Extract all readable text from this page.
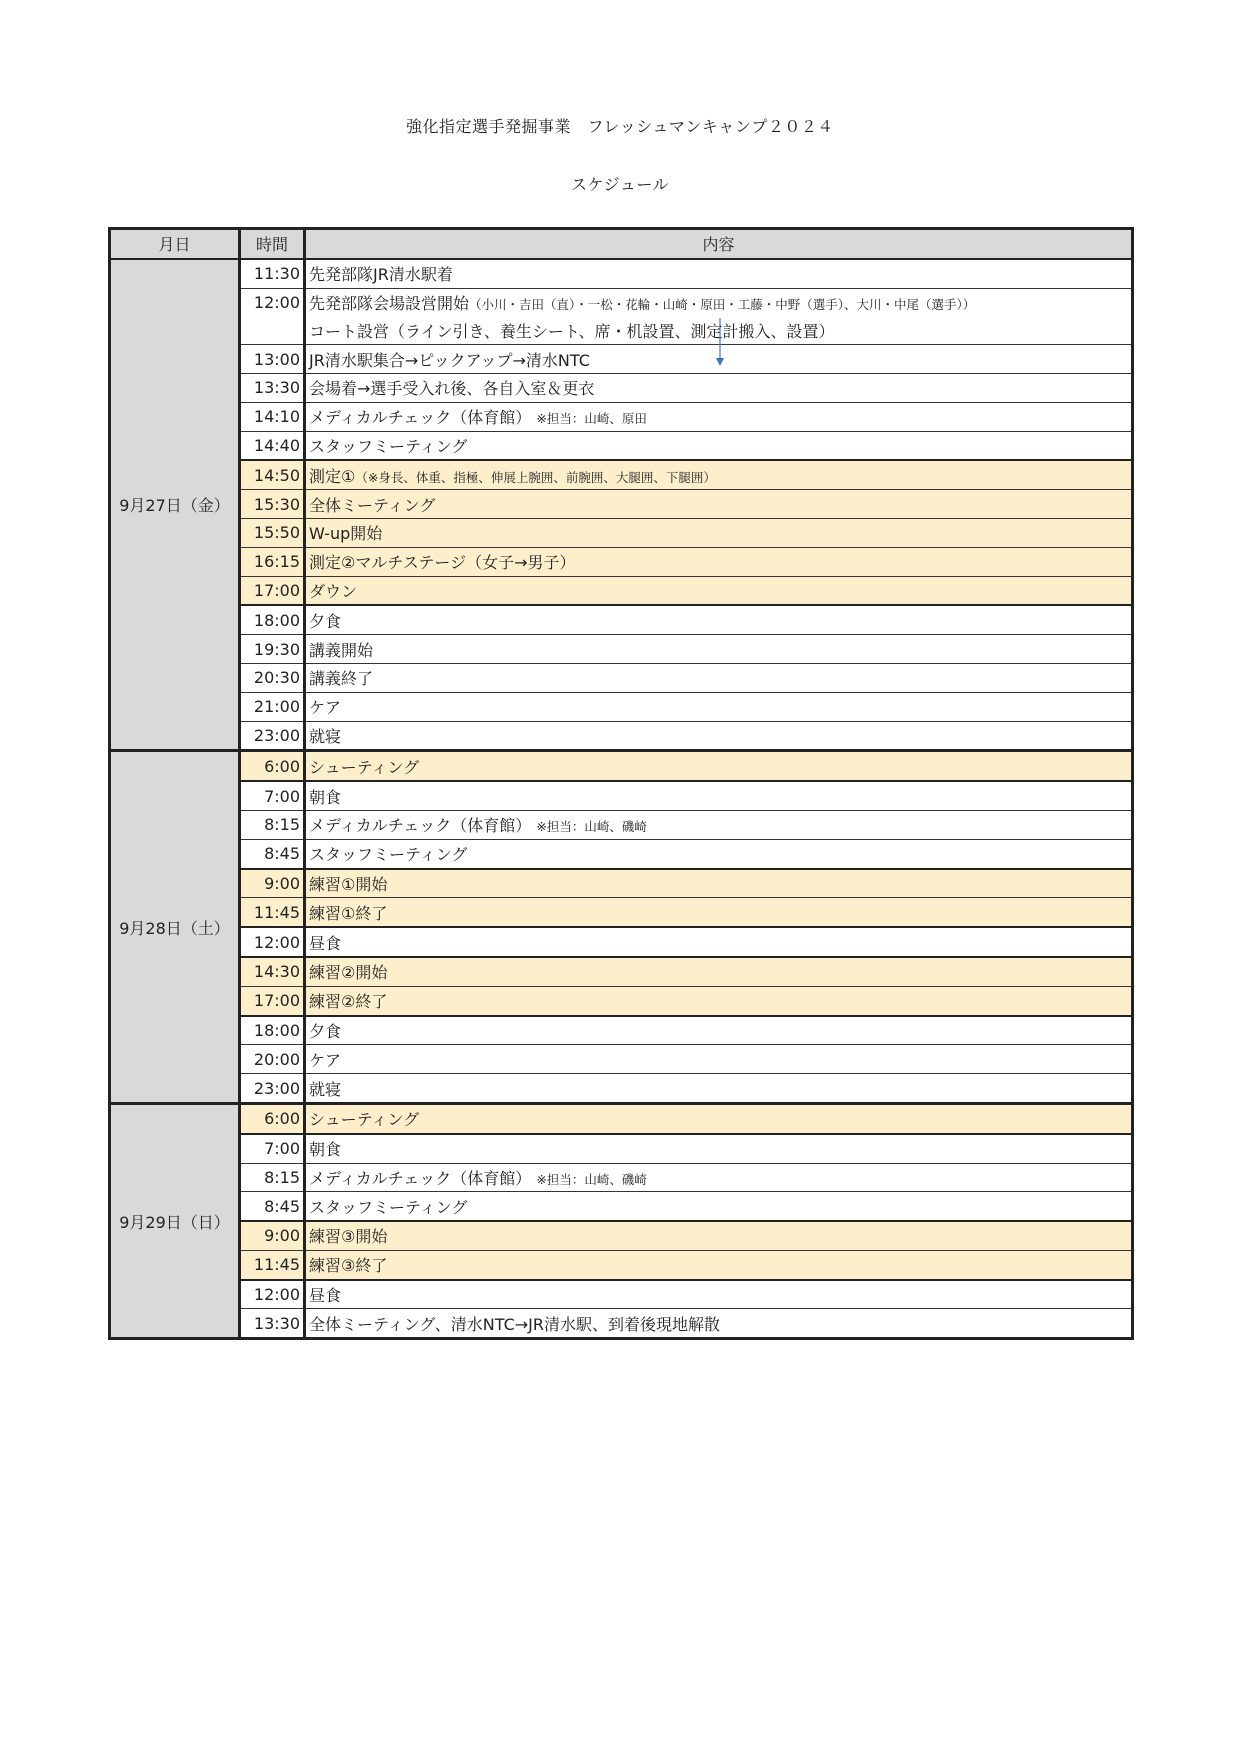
強化指定選手発掘事業　フレッシュマンキャンプ２０２４
スケジュール
月日	時間	内容
9月27日（金）	11:30	先発部隊JR清水駅着
	12:00	先発部隊会場設営開始（小川・吉田（直）・一松・花輪・山崎・原田・工藤・中野（選手）、大川・中尾（選手））
		コート設営（ライン引き、養生シート、席・机設置、測定計搬入、設置）
	13:00	JR清水駅集合→ピックアップ→清水NTC
	13:30	会場着→選手受入れ後、各自入室＆更衣
	14:10	メディカルチェック（体育館） ※担当：山崎、原田
	14:40	スタッフミーティング
	14:50	測定①（※身長、体重、指極、伸展上腕囲、前腕囲、大腿囲、下腿囲）
	15:30	全体ミーティング
	15:50	W-up開始
	16:15	測定②マルチステージ（女子→男子）
	17:00	ダウン
	18:00	夕食
	19:30	講義開始
	20:30	講義終了
	21:00	ケア
	23:00	就寝
9月28日（土）	6:00	シューティング
	7:00	朝食
	8:15	メディカルチェック（体育館） ※担当：山崎、磯崎
	8:45	スタッフミーティング
	9:00	練習①開始
	11:45	練習①終了
	12:00	昼食
	14:30	練習②開始
	17:00	練習②終了
	18:00	夕食
	20:00	ケア
	23:00	就寝
9月29日（日）	6:00	シューティング
	7:00	朝食
	8:15	メディカルチェック（体育館） ※担当：山崎、磯崎
	8:45	スタッフミーティング
	9:00	練習③開始
	11:45	練習③終了
	12:00	昼食
	13:30	全体ミーティング、清水NTC→JR清水駅、到着後現地解散
